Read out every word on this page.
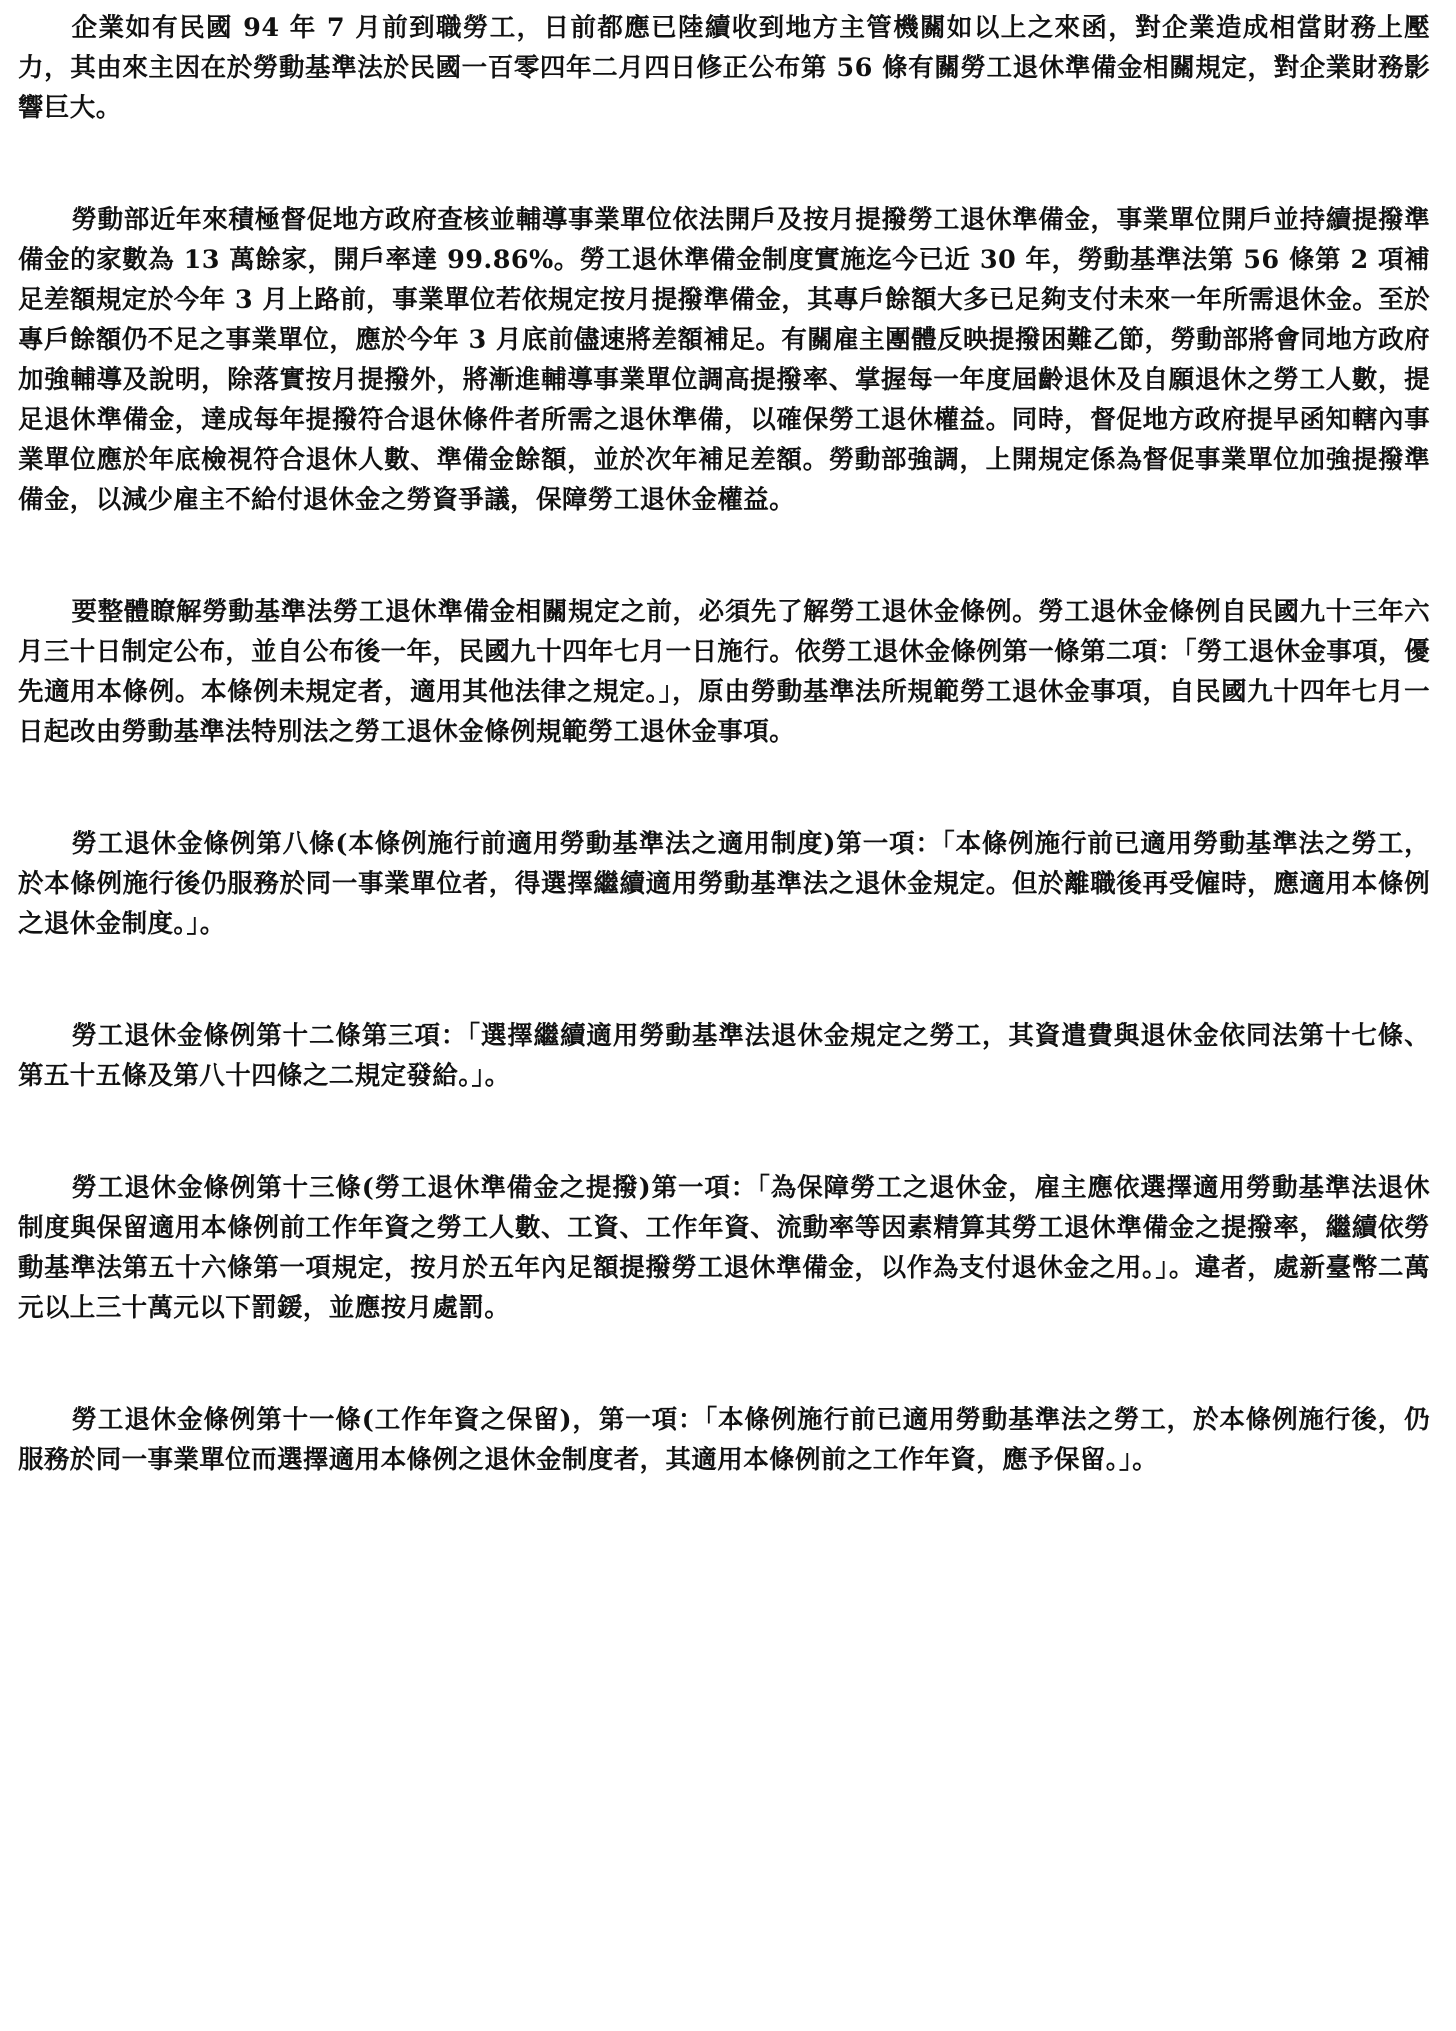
企業如有民國 94 年 7 月前到職勞工，日前都應已陸續收到地方主管機關如以上之來函，對企業造成相當財務上壓力，其由來主因在於勞動基準法於民國一百零四年二月四日修正公布第 56 條有關勞工退休準備金相關規定，對企業財務影響巨大。

勞動部近年來積極督促地方政府查核並輔導事業單位依法開戶及按月提撥勞工退休準備金，事業單位開戶並持續提撥準備金的家數為 13 萬餘家，開戶率達 99.86%。勞工退休準備金制度實施迄今已近 30 年，勞動基準法第 56 條第 2 項補足差額規定於今年 3 月上路前，事業單位若依規定按月提撥準備金，其專戶餘額大多已足夠支付未來一年所需退休金。至於專戶餘額仍不足之事業單位，應於今年 3 月底前儘速將差額補足。有關雇主團體反映提撥困難乙節，勞動部將會同地方政府加強輔導及說明，除落實按月提撥外，將漸進輔導事業單位調高提撥率、掌握每一年度屆齡退休及自願退休之勞工人數，提足退休準備金，達成每年提撥符合退休條件者所需之退休準備，以確保勞工退休權益。同時，督促地方政府提早函知轄內事業單位應於年底檢視符合退休人數、準備金餘額，並於次年補足差額。勞動部強調，上開規定係為督促事業單位加強提撥準備金，以減少雇主不給付退休金之勞資爭議，保障勞工退休金權益。

要整體瞭解勞動基準法勞工退休準備金相關規定之前，必須先了解勞工退休金條例。勞工退休金條例自民國九十三年六月三十日制定公布，並自公布後一年，民國九十四年七月一日施行。依勞工退休金條例第一條第二項：「勞工退休金事項，優先適用本條例。本條例未規定者，適用其他法律之規定。」，原由勞動基準法所規範勞工退休金事項，自民國九十四年七月一日起改由勞動基準法特別法之勞工退休金條例規範勞工退休金事項。

勞工退休金條例第八條(本條例施行前適用勞動基準法之適用制度)第一項：「本條例施行前已適用勞動基準法之勞工，於本條例施行後仍服務於同一事業單位者，得選擇繼續適用勞動基準法之退休金規定。但於離職後再受僱時，應適用本條例之退休金制度。」。

勞工退休金條例第十二條第三項：「選擇繼續適用勞動基準法退休金規定之勞工，其資遣費與退休金依同法第十七條、第五十五條及第八十四條之二規定發給。」。

勞工退休金條例第十三條(勞工退休準備金之提撥)第一項：「為保障勞工之退休金，雇主應依選擇適用勞動基準法退休制度與保留適用本條例前工作年資之勞工人數、工資、工作年資、流動率等因素精算其勞工退休準備金之提撥率，繼續依勞動基準法第五十六條第一項規定，按月於五年內足額提撥勞工退休準備金，以作為支付退休金之用。」。違者，處新臺幣二萬元以上三十萬元以下罰鍰，並應按月處罰。

勞工退休金條例第十一條(工作年資之保留)，第一項：「本條例施行前已適用勞動基準法之勞工，於本條例施行後，仍服務於同一事業單位而選擇適用本條例之退休金制度者，其適用本條例前之工作年資，應予保留。」。
